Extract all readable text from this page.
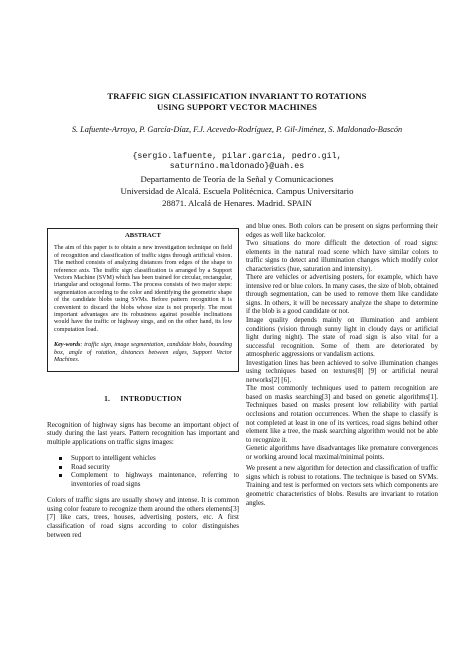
TRAFFIC SIGN CLASSIFICATION INVARIANT TO ROTATIONS
USING SUPPORT VECTOR MACHINES
S. Lafuente-Arroyo, P. García-Díaz, F.J. Acevedo-Rodríguez, P. Gil-Jiménez, S. Maldonado-Bascón
{sergio.lafuente, pilar.garcia, pedro.gil,
saturnino.maldonado}@uah.es
Departamento de Teoría de la Señal y Comunicaciones
Universidad de Alcalá. Escuela Politécnica. Campus Universitario
28871. Alcalá de Henares. Madrid. SPAIN
ABSTRACT

The aim of this paper is to obtain a new investigation technique on field of recognition and classification of traffic signs through artificial vision. The method consists of analyzing distances from edges of the shape to reference axis. The traffic sign classification is arranged by a Support Vectors Machine (SVM) which has been trained for circular, rectangular, triangular and octogonal forms. The process consists of two major steps: segmentation according to the color and identifying the geometric shape of the candidate blobs using SVMs. Before pattern recognition it is convenient to discard the blobs whose size is not properly. The most important advantages are its robustness against possible inclinations would have the traffic or highway sings, and on the other hand, its low computation load.

Key-words: traffic sign, image segmentation, candidate blobs, bounding box, angle of rotation, distances between edges, Support Vector Machines.

1.     INTRODUCTION

Recognition of highway signs has become an important object of study during the last years. Pattern recognition has important and multiple applications on traffic signs images:

Support to intelligent vehicles
Road security
Complement to highways maintenance, referring to inventories of road signs

Colors of traffic signs are usually showy and intense. It is common using color feature to recognize them around the others elements[3] [7] like cars, trees, houses, advertising posters, etc. A first classification of road signs according to color distinguishes between red

and blue ones. Both colors can be present on signs performing their edges as well like backcolor.

Two situations do more difficult the detection of road signs: elements in the natural road scene which have similar colors to traffic signs to detect and illumination changes which modify color characteristics (hue, saturation and intensity).

There are vehicles or advertising posters, for example, which have intensive red or blue colors. In many cases, the size of blob, obtained through segmentation, can be used to remove them like candidate signs. In others, it will be necessary analyze the shape to determine if the blob is a good candidate or not.

Image quality depends mainly on illumination and ambient conditions (vision through sunny light in cloudy days or artificial light during night). The state of road sign is also vital for a successful recognition. Some of them are deteriorated by atmospheric aggressions or vandalism actions.

Investigation lines has been achieved to solve illumination changes using techniques based on textures[8] [9] or artificial neural networks[2] [6].

The most commonly techniques used to pattern recognition are based on masks searching[3] and based on genetic algorithms[1]. Techniques based on masks present low reliability with partial occlusions and rotation occurrences. When the shape to classify is not completed at least in one of its vertices, road signs behind other element like a tree, the mask searching algorithm would not be able to recognize it.

Genetic algorithms have disadvantages like premature convergences or working around local maximal/minimal points.

We present a new algorithm for detection and classification of traffic signs which is robust to rotations. The technique is based on SVMs. Training and test is performed on vectors sets which components are geometric characteristics of blobs. Results are invariant to rotation angles.
